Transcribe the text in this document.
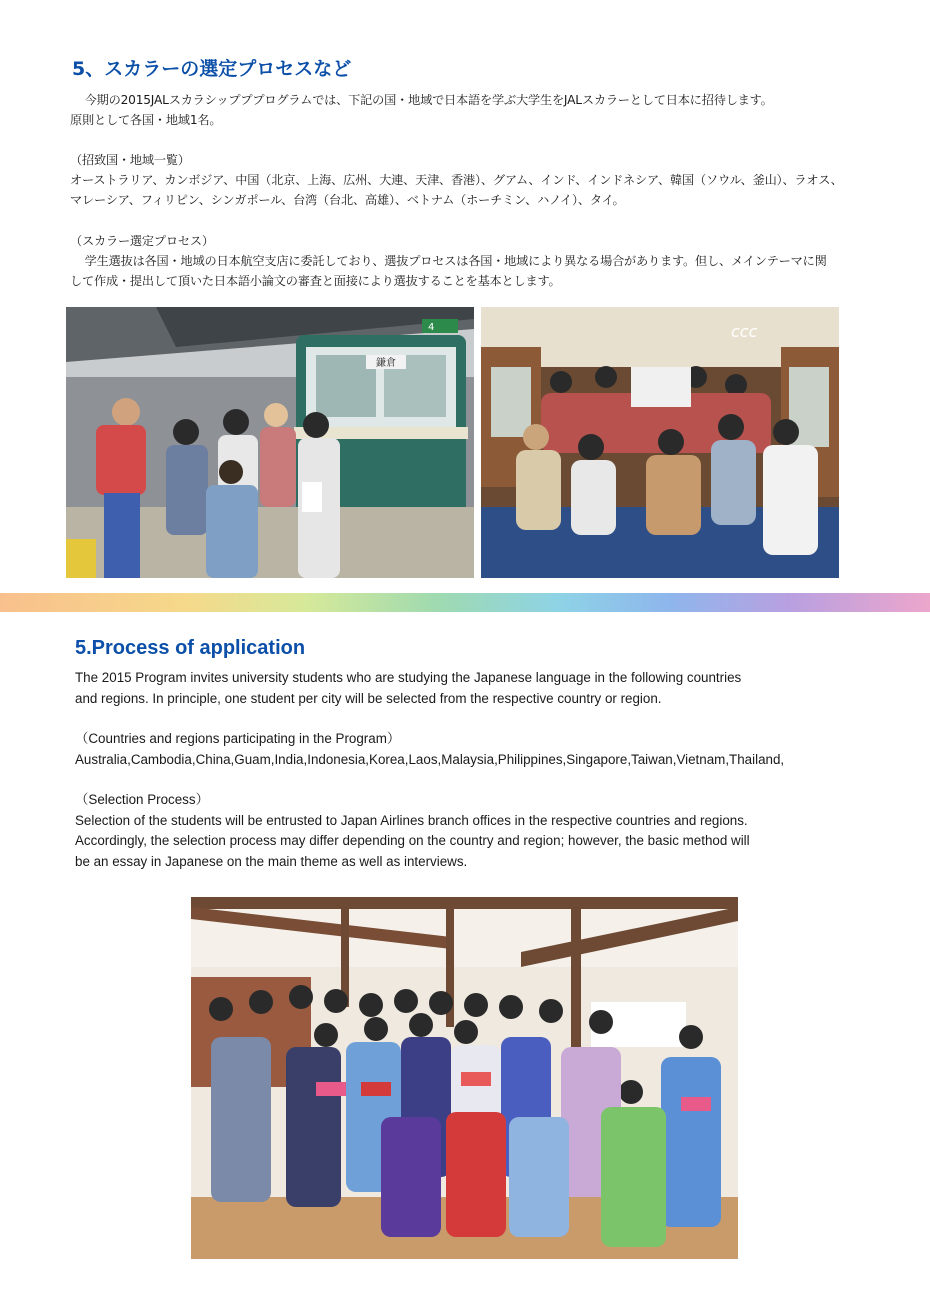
5、スカラーの選定プロセスなど
今期の2015JALスカラシップププログラムでは、下記の国・地域で日本語を学ぶ大学生をJALスカラーとして日本に招待します。
原則として各国・地域1名。
（招致国・地域一覧）
オーストラリア、カンボジア、中国（北京、上海、広州、大連、天津、香港）、グアム、インド、インドネシア、韓国（ソウル、釜山）、ラオス、
マレーシア、フィリピン、シンガポール、台湾（台北、高雄）、ベトナム（ホーチミン、ハノイ）、タイ。
（スカラー選定プロセス）
学生選抜は各国・地域の日本航空支店に委託しており、選抜プロセスは各国・地域により異なる場合があります。但し、メインテーマに関
して作成・提出して頂いた日本語小論文の審査と面接により選抜することを基本とします。
鎌倉
4	ccc
5.Process of application
The 2015 Program invites university students who are studying the Japanese language in the following countries
and regions. In principle, one student per city will be selected from the respective country or region.
（Countries and regions participating in the Program）
Australia,Cambodia,China,Guam,India,Indonesia,Korea,Laos,Malaysia,Philippines,Singapore,Taiwan,Vietnam,Thailand,
（Selection Process）
Selection of the students will be entrusted to Japan Airlines branch offices in the respective countries and regions.
Accordingly, the selection process may differ depending on the country and region; however, the basic method will
be an essay in Japanese on the main theme as well as interviews.
